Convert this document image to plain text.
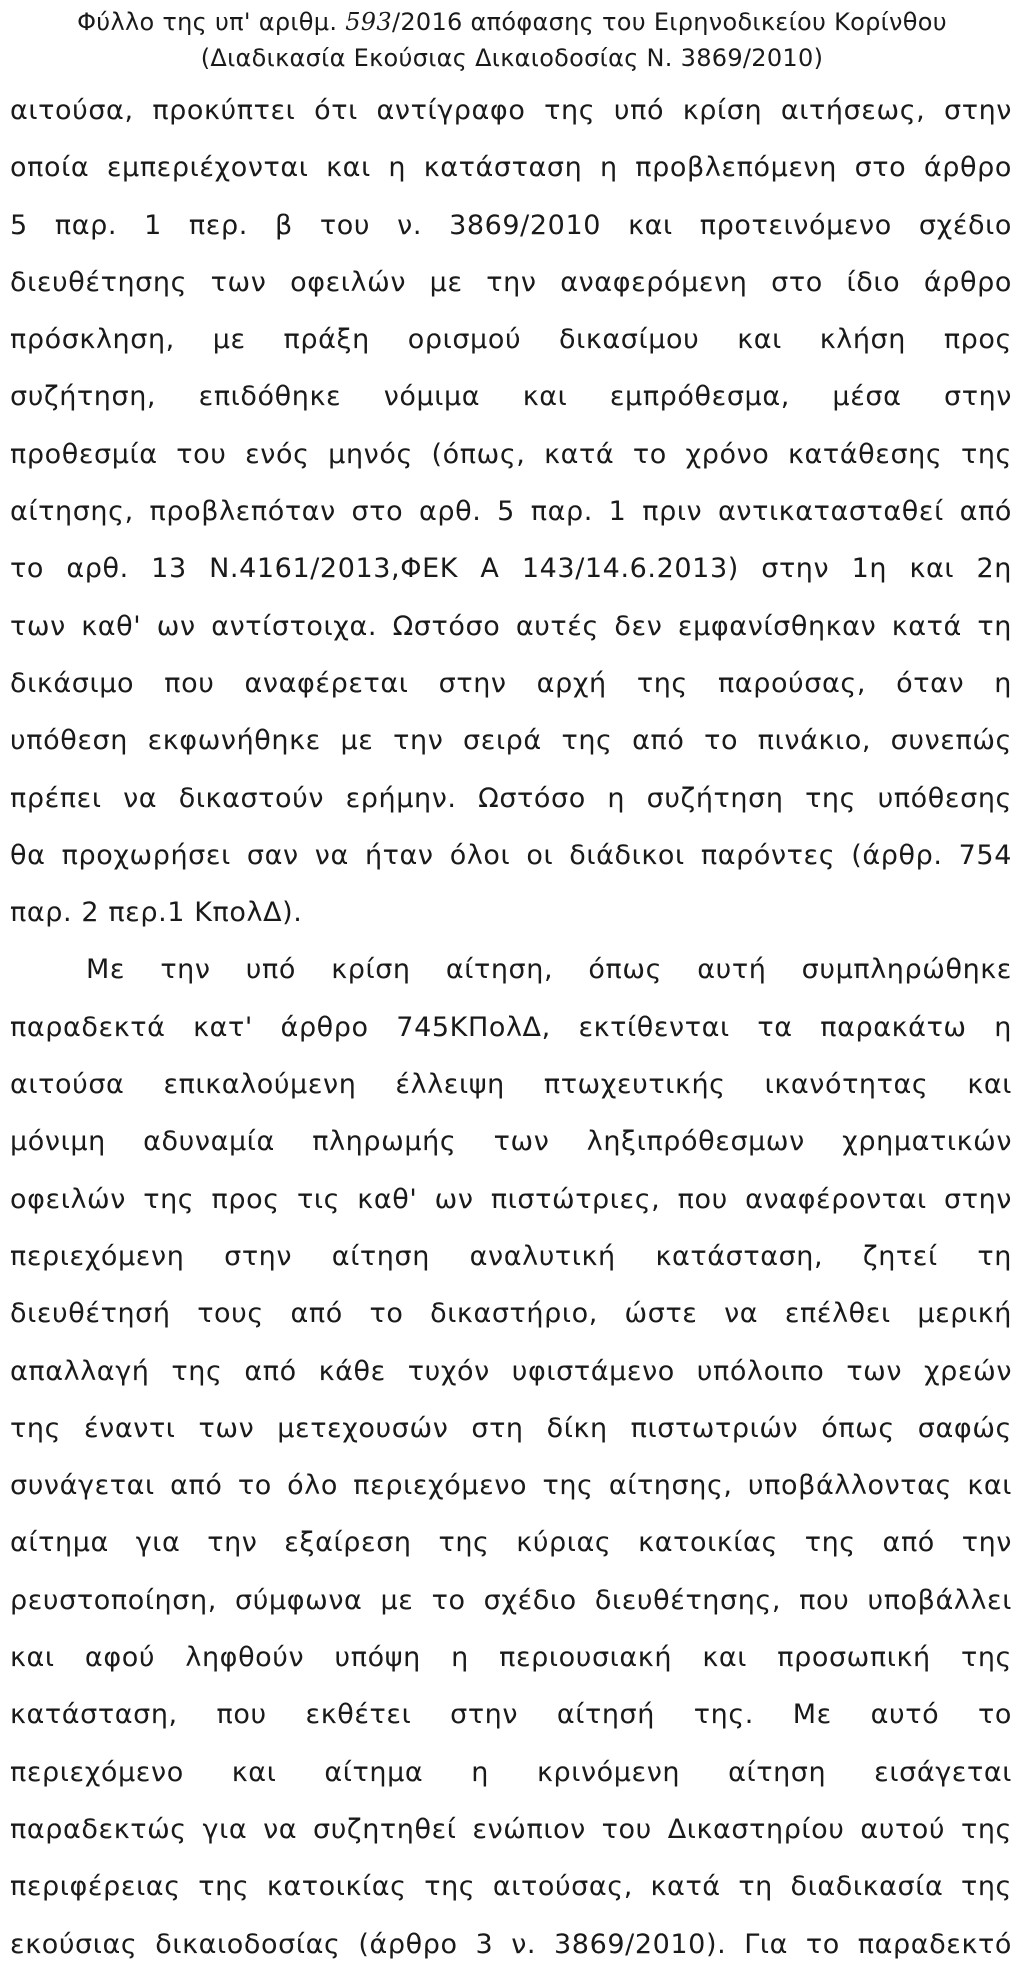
Φύλλο της υπ' αριθμ. 593/2016 απόφασης του Ειρηνοδικείου Κορίνθου
(Διαδικασία Εκούσιας Δικαιοδοσίας Ν. 3869/2010)
αιτούσα, προκύπτει ότι αντίγραφο της υπό κρίση αιτήσεως, στην
οποία εμπεριέχονται και η κατάσταση η προβλεπόμενη στο άρθρο
5 παρ. 1 περ. β του ν. 3869/2010 και προτεινόμενο σχέδιο
διευθέτησης των οφειλών με την αναφερόμενη στο ίδιο άρθρο
πρόσκληση, με πράξη ορισμού δικασίμου και κλήση προς
συζήτηση, επιδόθηκε νόμιμα και εμπρόθεσμα, μέσα στην
προθεσμία του ενός μηνός (όπως, κατά το χρόνο κατάθεσης της
αίτησης, προβλεπόταν στο αρθ. 5 παρ. 1 πριν αντικατασταθεί από
το αρθ. 13 Ν.4161/2013,ΦΕΚ Α 143/14.6.2013) στην 1η και 2η
των καθ' ων αντίστοιχα. Ωστόσο αυτές δεν εμφανίσθηκαν κατά τη
δικάσιμο που αναφέρεται στην αρχή της παρούσας, όταν η
υπόθεση εκφωνήθηκε με την σειρά της από το πινάκιο, συνεπώς
πρέπει να δικαστούν ερήμην. Ωστόσο η συζήτηση της υπόθεσης
θα προχωρήσει σαν να ήταν όλοι οι διάδικοι παρόντες (άρθρ. 754
παρ. 2 περ.1 ΚπολΔ).
Με την υπό κρίση αίτηση, όπως αυτή συμπληρώθηκε
παραδεκτά κατ' άρθρο 745ΚΠολΔ, εκτίθενται τα παρακάτω η
αιτούσα επικαλούμενη έλλειψη πτωχευτικής ικανότητας και
μόνιμη αδυναμία πληρωμής των ληξιπρόθεσμων χρηματικών
οφειλών της προς τις καθ' ων πιστώτριες, που αναφέρονται στην
περιεχόμενη στην αίτηση αναλυτική κατάσταση, ζητεί τη
διευθέτησή τους από το δικαστήριο, ώστε να επέλθει μερική
απαλλαγή της από κάθε τυχόν υφιστάμενο υπόλοιπο των χρεών
της έναντι των μετεχουσών στη δίκη πιστωτριών όπως σαφώς
συνάγεται από το όλο περιεχόμενο της αίτησης, υποβάλλοντας και
αίτημα για την εξαίρεση της κύριας κατοικίας της από την
ρευστοποίηση, σύμφωνα με το σχέδιο διευθέτησης, που υποβάλλει
και αφού ληφθούν υπόψη η περιουσιακή και προσωπική της
κατάσταση, που εκθέτει στην αίτησή της. Με αυτό το
περιεχόμενο και αίτημα η κρινόμενη αίτηση εισάγεται
παραδεκτώς για να συζητηθεί ενώπιον του Δικαστηρίου αυτού της
περιφέρειας της κατοικίας της αιτούσας, κατά τη διαδικασία της
εκούσιας δικαιοδοσίας (άρθρο 3 ν. 3869/2010). Για το παραδεκτό
